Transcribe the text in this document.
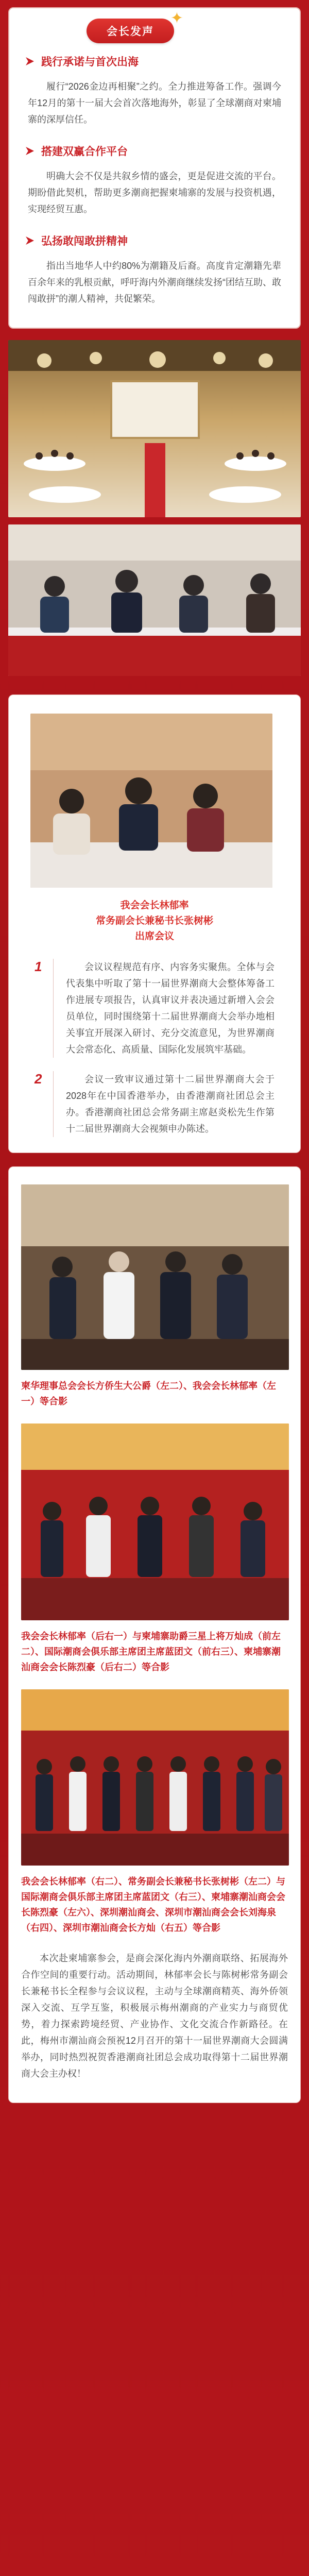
会长发声
✦
践行承诺与首次出海

履行“2026金边再相聚”之约。全力推进筹备工作。强调今年12月的第十一届大会首次落地海外，彰显了全球潮商对柬埔寨的深厚信任。

搭建双赢合作平台

明确大会不仅是共叙乡情的盛会，更是促进交流的平台。期盼借此契机，帮助更多潮商把握柬埔寨的发展与投资机遇，实现经贸互惠。

弘扬敢闯敢拼精神

指出当地华人中约80%为潮籍及后裔。高度肯定潮籍先辈百余年来的乳根贡献，呼吁海内外潮商继续发扬“团结互助、敢闯敢拼”的潮人精神，共促繁荣。

我会会长林郁率
常务副会长兼秘书长张树彬
出席会议
1	会议议程规范有序、内容务实聚焦。全体与会代表集中听取了第十一届世界潮商大会整体筹备工作进展专项报告，认真审议并表决通过新增入会会员单位，同时围绕第十二届世界潮商大会举办地相关事宜开展深入研讨、充分交流意见，为世界潮商大会常态化、高质量、国际化发展筑牢基础。
2	会议一致审议通过第十二届世界潮商大会于2028年在中国香港举办，由香港潮商社团总会主办。香港潮商社团总会常务副主席赵炎松先生作第十二届世界潮商大会视频申办陈述。

柬华理事总会会长方侨生大公爵（左二）、我会会长林郁率（左一）等合影

我会会长林郁率（后右一）与柬埔寨助爵三星上将万灿成（前左二）、国际潮商会俱乐部主席团主席蓝团文（前右三）、柬埔寨潮汕商会会长陈烈豪（后右二）等合影

我会会长林郁率（右二）、常务副会长兼秘书长张树彬（左二）与国际潮商会俱乐部主席团主席蓝团文（右三）、柬埔寨潮汕商会会长陈烈豪（左六）、深圳潮汕商会、深圳市潮汕商会会长刘海泉（右四）、深圳市潮汕商会长方灿（右五）等合影

本次赴柬埔寨参会，是商会深化海内外潮商联络、拓展海外合作空间的重要行动。活动期间，林郁率会长与陈树彬常务副会长兼秘书长全程参与会议议程，主动与全球潮商精英、海外侨领深入交流、互学互鉴，积极展示梅州潮商的产业实力与商贸优势，着力探索跨境经贸、产业协作、文化交流合作新路径。在此，梅州市潮汕商会预祝12月召开的第十一届世界潮商大会圆满举办，同时热烈祝贺香港潮商社团总会成功取得第十二届世界潮商大会主办权！
